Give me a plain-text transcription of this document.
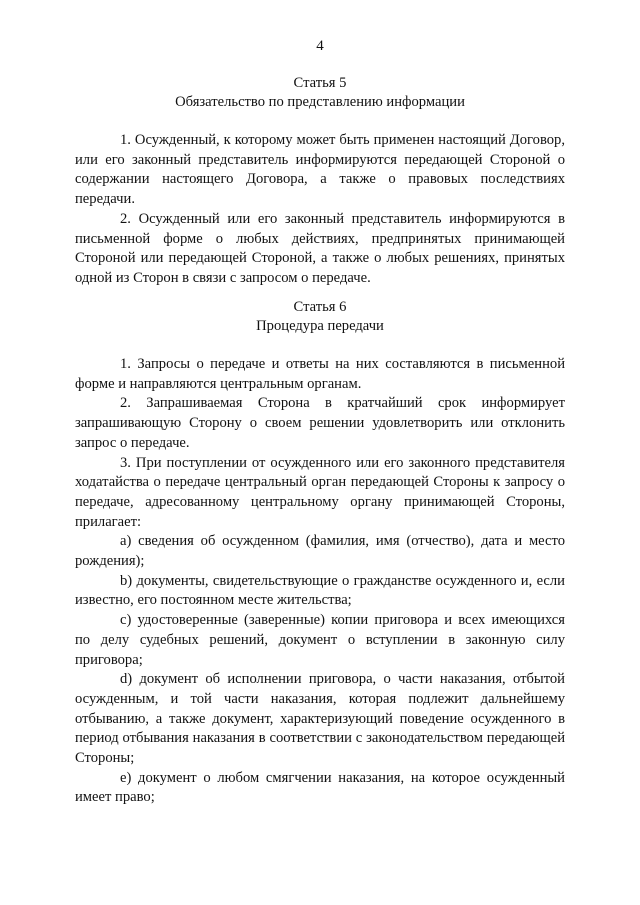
4
Статья 5
Обязательство по представлению информации

1. Осужденный, к которому может быть применен настоящий Договор, или его законный представитель информируются передающей Стороной о содержании настоящего Договора, а также о правовых последствиях передачи.

2. Осужденный или его законный представитель информируются в письменной форме о любых действиях, предпринятых принимающей Стороной или передающей Стороной, а также о любых решениях, принятых одной из Сторон в связи с запросом о передаче.

Статья 6
Процедура передачи

1. Запросы о передаче и ответы на них составляются в письменной форме и направляются центральным органам.

2. Запрашиваемая Сторона в кратчайший срок информирует запрашивающую Сторону о своем решении удовлетворить или отклонить запрос о передаче.

3. При поступлении от осужденного или его законного представителя ходатайства о передаче центральный орган передающей Стороны к запросу о передаче, адресованному центральному органу принимающей Стороны, прилагает:

a) сведения об осужденном (фамилия, имя (отчество), дата и место рождения);

b) документы, свидетельствующие о гражданстве осужденного и, если известно, его постоянном месте жительства;

c) удостоверенные (заверенные) копии приговора и всех имеющихся по делу судебных решений, документ о вступлении в законную силу приговора;

d) документ об исполнении приговора, о части наказания, отбытой осужденным, и той части наказания, которая подлежит дальнейшему отбыванию, а также документ, характеризующий поведение осужденного в период отбывания наказания в соответствии с законодательством передающей Стороны;

e) документ о любом смягчении наказания, на которое осужденный имеет право;
